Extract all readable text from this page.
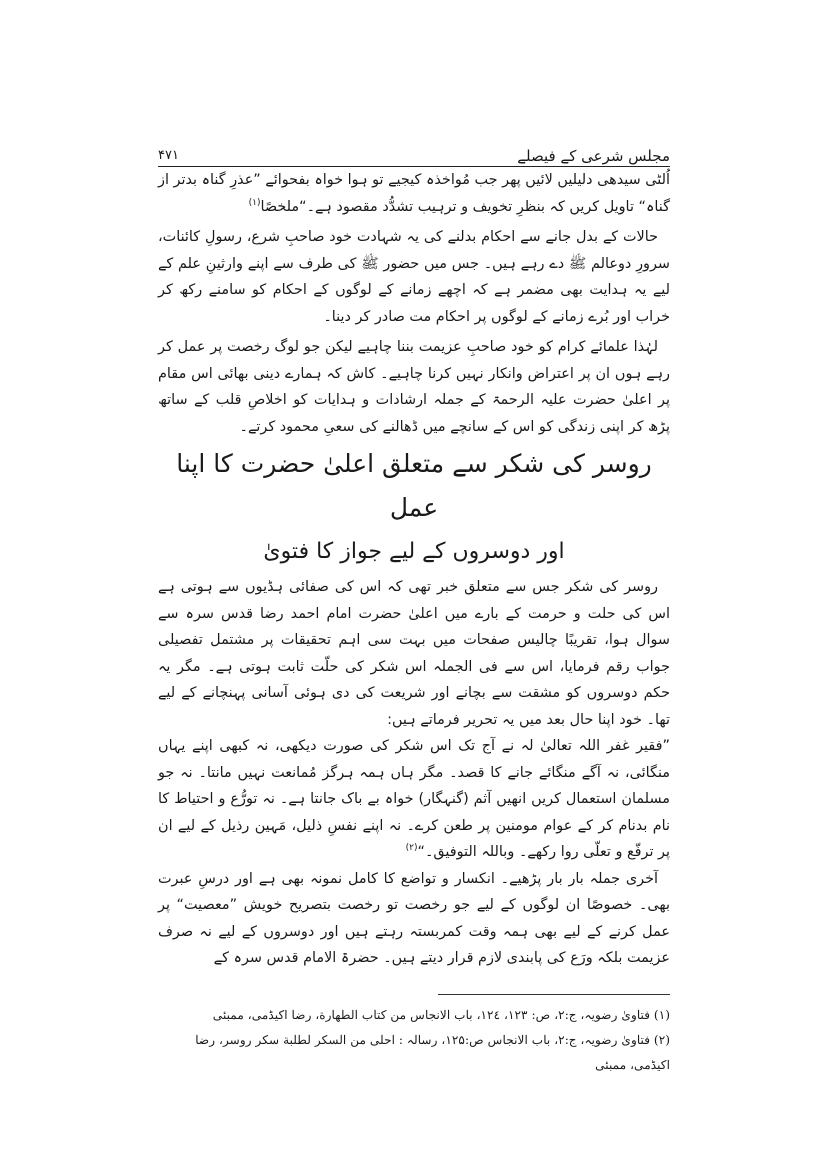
مجلس شرعی کے فیصلے
۴۷۱

اُلٹی سیدھی دلیلیں لائیں پھر جب مُواخذہ کیجیے تو ہوا خواہ بفحوائے ”عذرِ گناہ بدتر از گناہ“ تاویل کریں کہ بنظرِ تخویف و ترہیب تشدُّد مقصود ہے۔“ملخصًا$^{(۱)}$

حالات کے بدل جانے سے احکام بدلنے کی یہ شہادت خود صاحبِ شرع، رسولِ کائنات، سرورِ دوعالم ﷺ دے رہے ہیں۔ جس میں حضور ﷺ کی طرف سے اپنے وارثینِ علم کے لیے یہ ہدایت بھی مضمر ہے کہ اچھے زمانے کے لوگوں کے احکام کو سامنے رکھ کر خراب اور بُرے زمانے کے لوگوں پر احکام مت صادر کر دینا۔

لہٰذا علمائے کرام کو خود صاحبِ عزیمت بننا چاہیے لیکن جو لوگ رخصت پر عمل کر رہے ہوں ان پر اعتراض وانکار نہیں کرنا چاہیے۔ کاش کہ ہمارے دینی بھائی اس مقام پر اعلیٰ حضرت علیہ الرحمۃ کے جملہ ارشادات و ہدایات کو اخلاصِ قلب کے ساتھ پڑھ کر اپنی زندگی کو اس کے سانچے میں ڈھالنے کی سعیِ محمود کرتے۔

روسر کی شکر سے متعلق اعلیٰ حضرت کا اپنا عمل
اور دوسروں کے لیے جواز کا فتویٰ

روسر کی شکر جس سے متعلق خبر تھی کہ اس کی صفائی ہڈیوں سے ہوتی ہے اس کی حلت و حرمت کے بارے میں اعلیٰ حضرت امام احمد رضا قدس سرہ سے سوال ہوا، تقریبًا چالیس صفحات میں بہت سی اہم تحقیقات پر مشتمل تفصیلی جواب رقم فرمایا، اس سے فی الجملہ اس شکر کی حلّت ثابت ہوتی ہے۔ مگر یہ حکم دوسروں کو مشقت سے بچانے اور شریعت کی دی ہوئی آسانی پہنچانے کے لیے تھا۔ خود اپنا حال بعد میں یہ تحریر فرماتے ہیں:

”فقیر غفر اللہ تعالیٰ لہ نے آج تک اس شکر کی صورت دیکھی، نہ کبھی اپنے یہاں منگائی، نہ آگے منگائے جانے کا قصد۔ مگر ہاں ہمہ ہرگز مُمانعت نہیں مانتا۔ نہ جو مسلمان استعمال کریں انھیں آثم (گنہگار) خواہ بے باک جانتا ہے۔ نہ تورُّع و احتیاط کا نام بدنام کر کے عوام مومنین پر طعن کرے۔ نہ اپنے نفسِ ذلیل، مَہین رذیل کے لیے ان پر ترفّع و تعلّی روا رکھے۔ وباللہ التوفیق۔“$^{(۲)}$

آخری جملہ بار بار پڑھیے۔ انکسار و تواضع کا کامل نمونہ بھی ہے اور درسِ عبرت بھی۔ خصوصًا ان لوگوں کے لیے جو رخصت تو رخصت بتصریح خویش ”معصیت“ پر عمل کرنے کے لیے بھی ہمہ وقت کمربستہ رہتے ہیں اور دوسروں کے لیے نہ صرف عزیمت بلکہ ورَع کی پابندی لازم قرار دیتے ہیں۔ حضرۃ الامام قدس سرہ کے

(۱) فتاویٰ رضویہ، ج:۲، ص: ۱۲۳، ۱۲٤، باب الانجاس من کتاب الطهارة، رضا اکیڈمی، ممبئی

(۲) فتاویٰ رضویہ، ج:۲، باب الانجاس ص:۱۲۵، رسالہ : احلی من السکر لطلبة سکر روسر، رضا اکیڈمی، ممبئی
